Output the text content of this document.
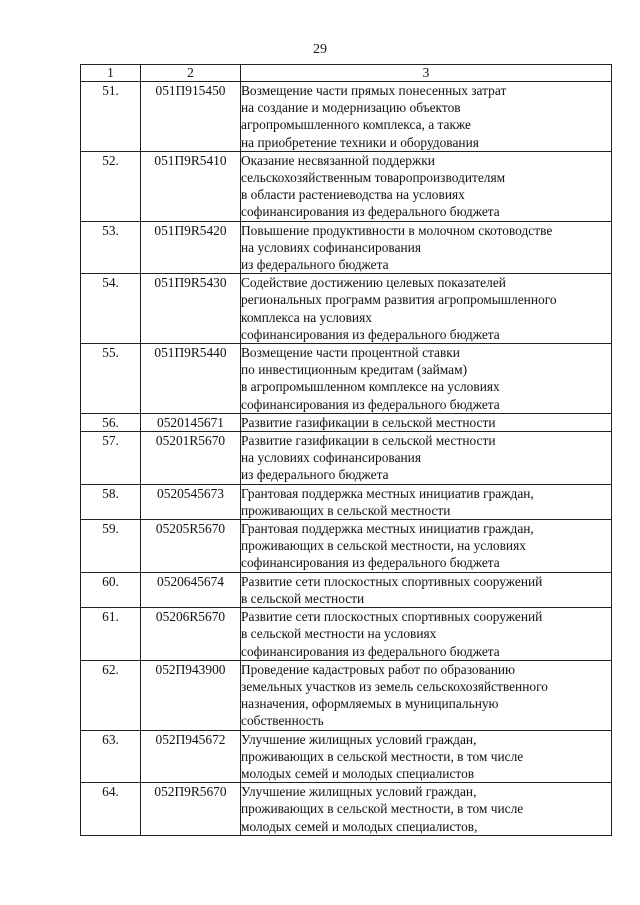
29
1	2	3
51.	051П915450	Возмещение части прямых понесенных затрат
на создание и модернизацию объектов
агропромышленного комплекса, а также
на приобретение техники и оборудования
52.	051П9R5410	Оказание несвязанной поддержки
сельскохозяйственным товаропроизводителям
в области растениеводства на условиях
софинансирования из федерального бюджета
53.	051П9R5420	Повышение продуктивности в молочном скотоводстве
на условиях софинансирования
из федерального бюджета
54.	051П9R5430	Содействие достижению целевых показателей
региональных программ развития агропромышленного
комплекса на условиях
софинансирования из федерального бюджета
55.	051П9R5440	Возмещение части процентной ставки
по инвестиционным кредитам (займам)
в агропромышленном комплексе на условиях
софинансирования из федерального бюджета
56.	0520145671	Развитие газификации в сельской местности
57.	05201R5670	Развитие газификации в сельской местности
на условиях софинансирования
из федерального бюджета
58.	0520545673	Грантовая поддержка местных инициатив граждан,
проживающих в сельской местности
59.	05205R5670	Грантовая поддержка местных инициатив граждан,
проживающих в сельской местности, на условиях
софинансирования из федерального бюджета
60.	0520645674	Развитие сети плоскостных спортивных сооружений
в сельской местности
61.	05206R5670	Развитие сети плоскостных спортивных сооружений
в сельской местности на условиях
софинансирования из федерального бюджета
62.	052П943900	Проведение кадастровых работ по образованию
земельных участков из земель сельскохозяйственного
назначения, оформляемых в муниципальную
собственность
63.	052П945672	Улучшение жилищных условий граждан,
проживающих в сельской местности, в том числе
молодых семей и молодых специалистов
64.	052П9R5670	Улучшение жилищных условий граждан,
проживающих в сельской местности, в том числе
молодых семей и молодых специалистов,
